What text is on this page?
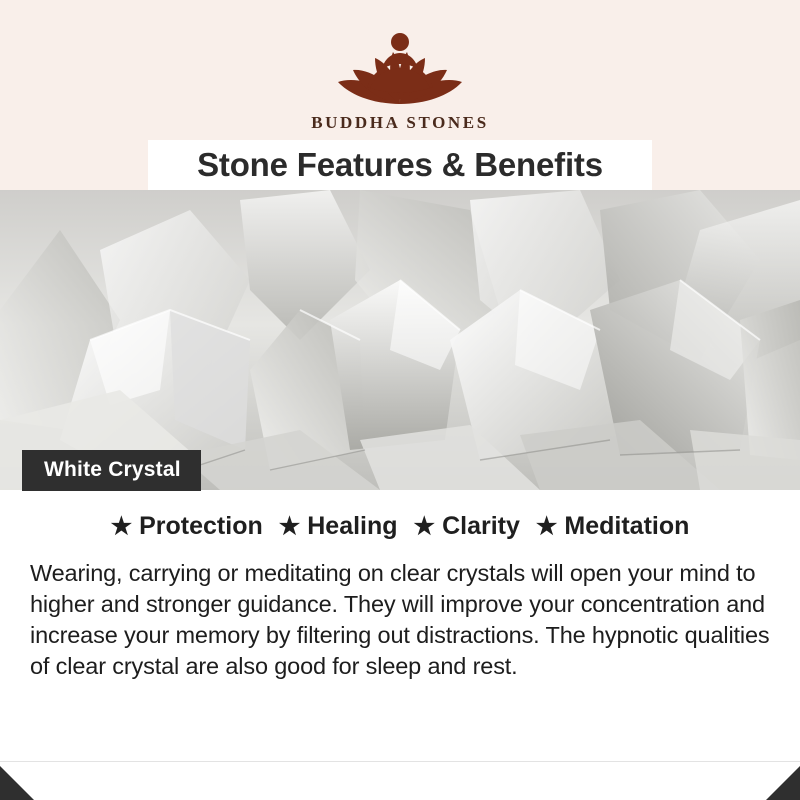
BUDDHA STONES
Stone Features & Benefits
White Crystal
★ Protection ★ Healing ★ Clarity ★ Meditation

Wearing, carrying or meditating on clear crystals will open your mind to higher and stronger guidance. They will improve your concentration and increase your memory by filtering out distractions. The hypnotic qualities of clear crystal are also good for sleep and rest.
